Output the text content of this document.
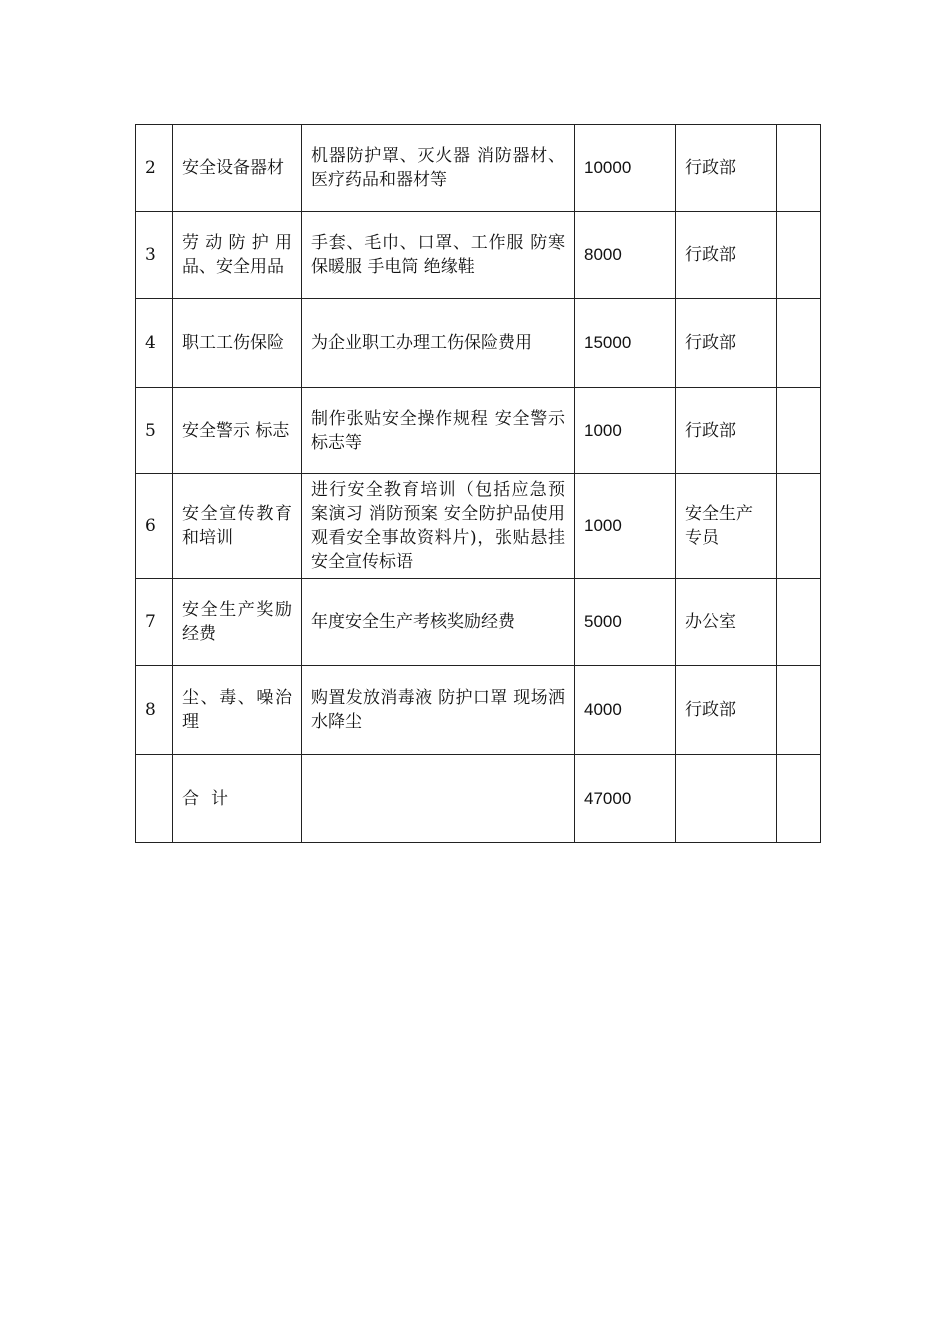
2	安全设备器材	机器防护罩、灭火器 消防器材、医疗药品和器材等	10000	行政部	
3	劳动防护用品、安全用品	手套、毛巾、口罩、工作服 防寒保暖服 手电筒 绝缘鞋	8000	行政部	
4	职工工伤保险	为企业职工办理工伤保险费用	15000	行政部	
5	安全警示 标志	制作张贴安全操作规程 安全警示标志等	1000	行政部	
6	安全宣传教育和培训	进行安全教育培训（包括应急预案演习 消防预案 安全防护品使用观看安全事故资料片)，张贴悬挂安全宣传标语	1000	安全生产专员	
7	安全生产奖励经费	年度安全生产考核奖励经费	5000	办公室	
8	尘、毒、噪治理	购置发放消毒液 防护口罩 现场洒水降尘	4000	行政部	
	合计		47000		
